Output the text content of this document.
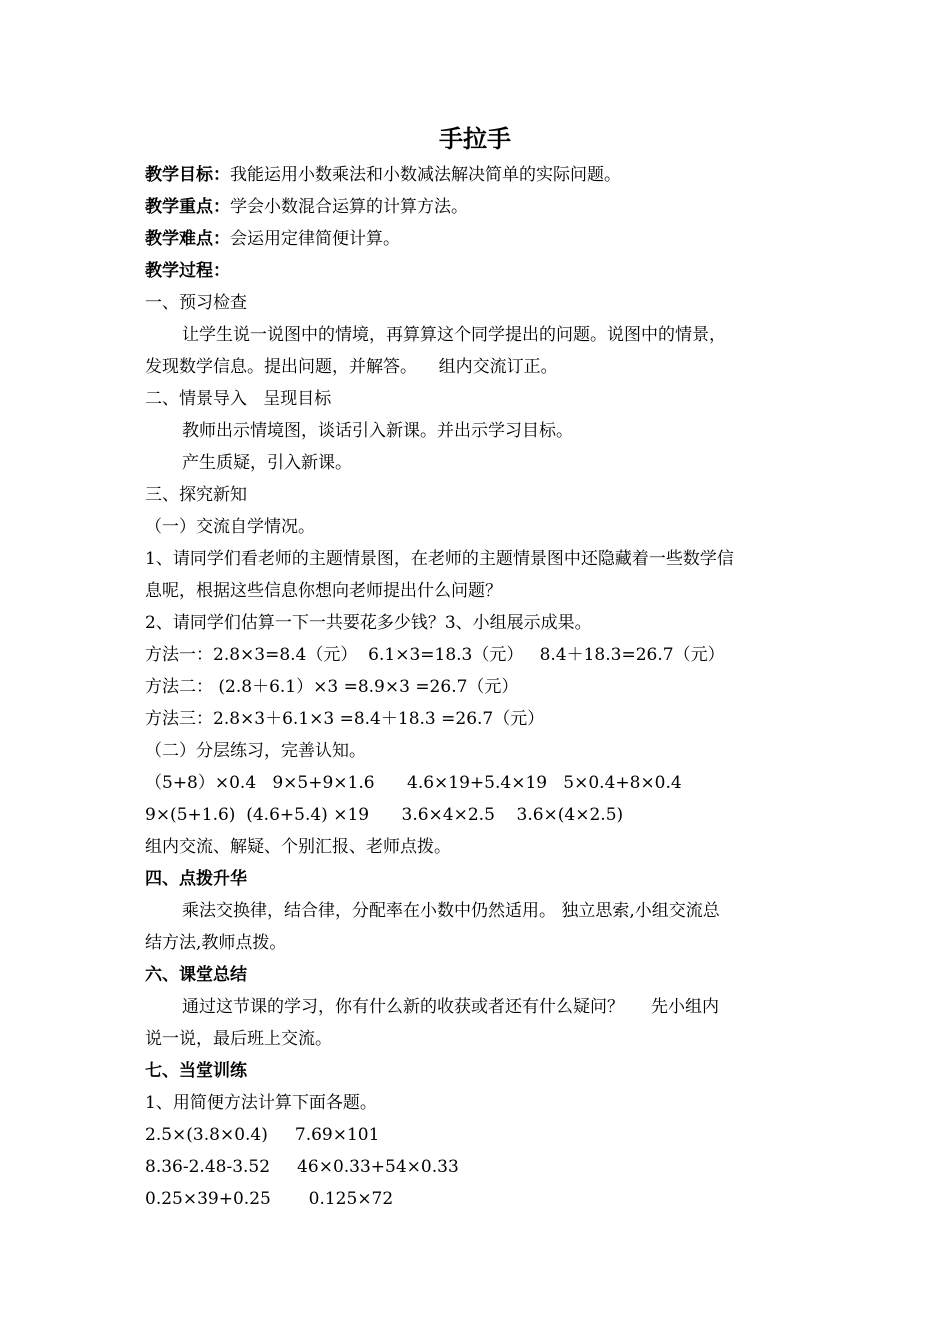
手拉手
教学目标：我能运用小数乘法和小数减法解决简单的实际问题。
教学重点：学会小数混合运算的计算方法。
教学难点：会运用定律简便计算。
教学过程：
一、预习检查
让学生说一说图中的情境，再算算这个同学提出的问题。说图中的情景，
发现数学信息。提出问题，并解答。    组内交流订正。
二、情景导入   呈现目标
教师出示情境图，谈话引入新课。并出示学习目标。
产生质疑，引入新课。
三、探究新知
（一）交流自学情况。
1、请同学们看老师的主题情景图，在老师的主题情景图中还隐藏着一些数学信
息呢，根据这些信息你想向老师提出什么问题？
2、请同学们估算一下一共要花多少钱？3、小组展示成果。
方法一：2.8×3=8.4（元）  6.1×3=18.3（元）   8.4＋18.3=26.7（元）
方法二： (2.8＋6.1）×3 =8.9×3 =26.7（元）
方法三：2.8×3＋6.1×3 =8.4＋18.3 =26.7（元）
（二）分层练习，完善认知。
（5+8）×0.4   9×5+9×1.6      4.6×19+5.4×19   5×0.4+8×0.4
9×(5+1.6)  (4.6+5.4) ×19      3.6×4×2.5    3.6×(4×2.5)
组内交流、解疑、个别汇报、老师点拨。
四、点拨升华
乘法交换律，结合律，分配率在小数中仍然适用。 独立思索,小组交流总
结方法,教师点拨。
六、课堂总结
通过这节课的学习，你有什么新的收获或者还有什么疑问？     先小组内
说一说，最后班上交流。
七、当堂训练
1、用简便方法计算下面各题。
2.5×(3.8×0.4)     7.69×101
8.36-2.48-3.52     46×0.33+54×0.33
0.25×39+0.25       0.125×72
